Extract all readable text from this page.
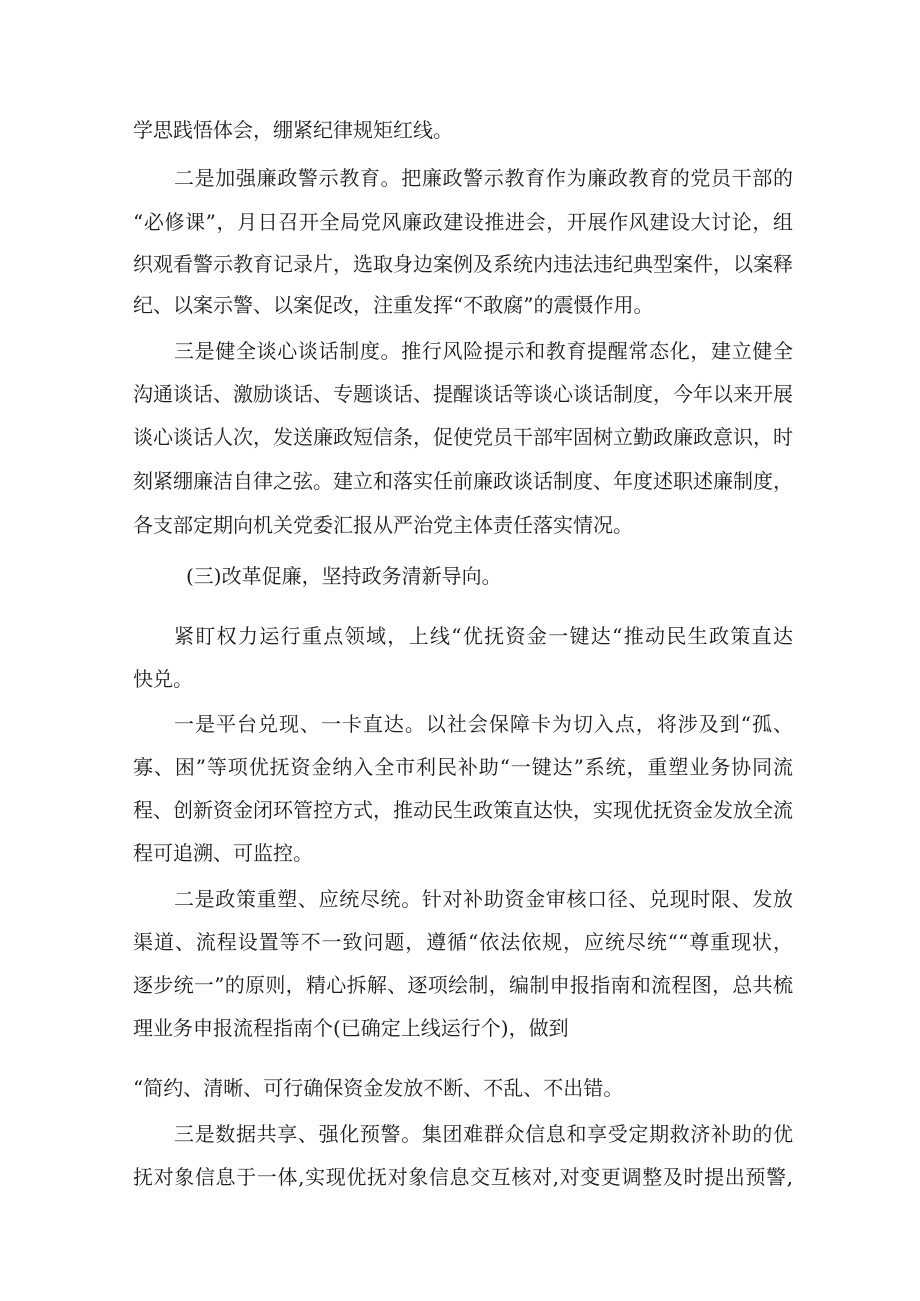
学思践悟体会，绷紧纪律规矩红线。
二是加强廉政警示教育。把廉政警示教育作为廉政教育的党员干部的
“必修课”，月日召开全局党风廉政建设推进会，开展作风建设大讨论，组
织观看警示教育记录片，选取身边案例及系统内违法违纪典型案件，以案释
纪、以案示警、以案促改，注重发挥“不敢腐”的震慑作用。
三是健全谈心谈话制度。推行风险提示和教育提醒常态化，建立健全
沟通谈话、激励谈话、专题谈话、提醒谈话等谈心谈话制度，今年以来开展
谈心谈话人次，发送廉政短信条，促使党员干部牢固树立勤政廉政意识，时
刻紧绷廉洁自律之弦。建立和落实任前廉政谈话制度、年度述职述廉制度，
各支部定期向机关党委汇报从严治党主体责任落实情况。
(三)改革促廉，坚持政务清新导向。
紧盯权力运行重点领域，上线“优抚资金一键达“推动民生政策直达
快兑。
一是平台兑现、一卡直达。以社会保障卡为切入点，将涉及到“孤、
寡、困”等项优抚资金纳入全市利民补助“一键达”系统，重塑业务协同流
程、创新资金闭环管控方式，推动民生政策直达快，实现优抚资金发放全流
程可追溯、可监控。
二是政策重塑、应统尽统。针对补助资金审核口径、兑现时限、发放
渠道、流程设置等不一致问题，遵循“依法依规，应统尽统““尊重现状，
逐步统一”的原则，精心拆解、逐项绘制，编制申报指南和流程图，总共梳
理业务申报流程指南个(已确定上线运行个)，做到
“简约、清晰、可行确保资金发放不断、不乱、不出错。
三是数据共享、强化预警。集团难群众信息和享受定期救济补助的优
抚对象信息于一体,实现优抚对象信息交互核对,对变更调整及时提出预警,
